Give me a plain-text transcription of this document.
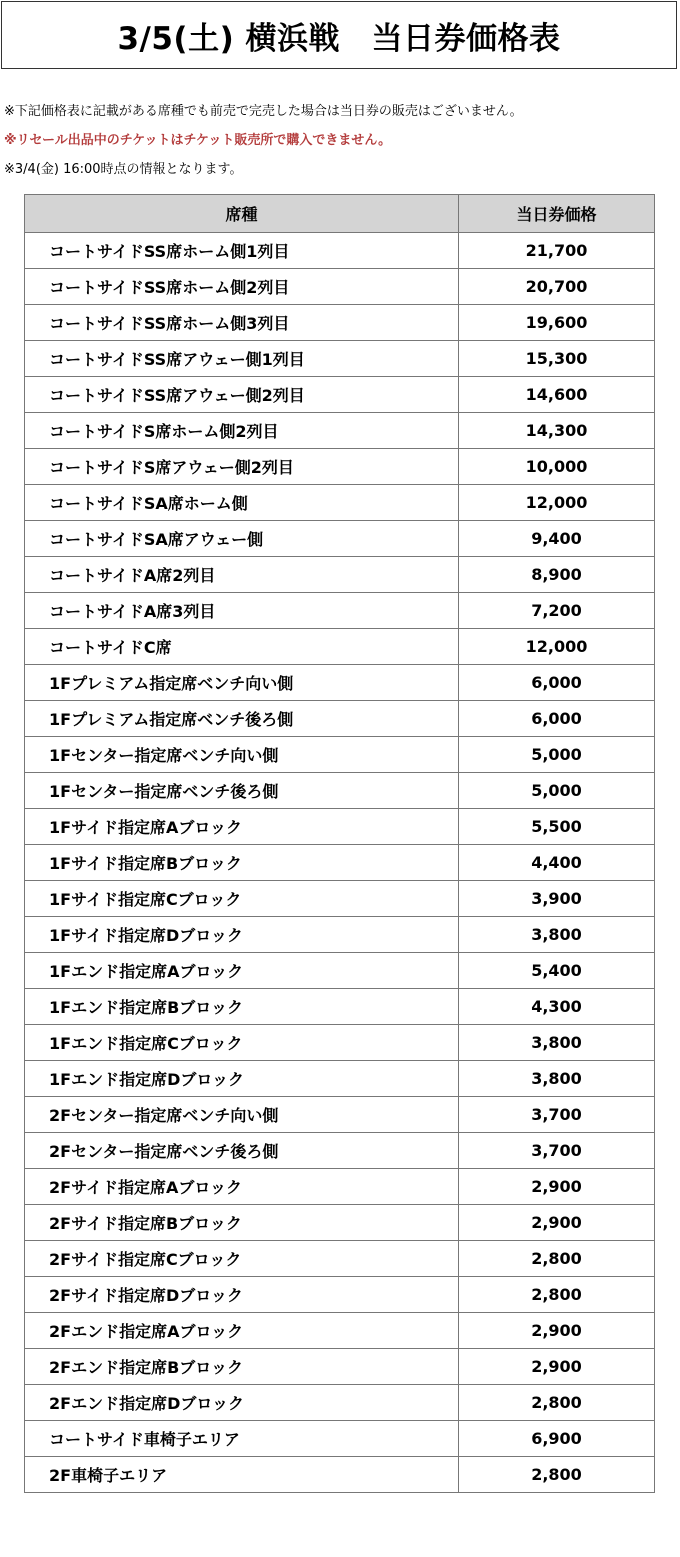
3/5(土) 横浜戦　当日券価格表
※下記価格表に記載がある席種でも前売で完売した場合は当日券の販売はございません。
※リセール出品中のチケットはチケット販売所で購入できません。
※3/4(金) 16:00時点の情報となります。
席種	当日券価格
コートサイドSS席ホーム側1列目	21,700
コートサイドSS席ホーム側2列目	20,700
コートサイドSS席ホーム側3列目	19,600
コートサイドSS席アウェー側1列目	15,300
コートサイドSS席アウェー側2列目	14,600
コートサイドS席ホーム側2列目	14,300
コートサイドS席アウェー側2列目	10,000
コートサイドSA席ホーム側	12,000
コートサイドSA席アウェー側	9,400
コートサイドA席2列目	8,900
コートサイドA席3列目	7,200
コートサイドC席	12,000
1Fプレミアム指定席ベンチ向い側	6,000
1Fプレミアム指定席ベンチ後ろ側	6,000
1Fセンター指定席ベンチ向い側	5,000
1Fセンター指定席ベンチ後ろ側	5,000
1Fサイド指定席Aブロック	5,500
1Fサイド指定席Bブロック	4,400
1Fサイド指定席Cブロック	3,900
1Fサイド指定席Dブロック	3,800
1Fエンド指定席Aブロック	5,400
1Fエンド指定席Bブロック	4,300
1Fエンド指定席Cブロック	3,800
1Fエンド指定席Dブロック	3,800
2Fセンター指定席ベンチ向い側	3,700
2Fセンター指定席ベンチ後ろ側	3,700
2Fサイド指定席Aブロック	2,900
2Fサイド指定席Bブロック	2,900
2Fサイド指定席Cブロック	2,800
2Fサイド指定席Dブロック	2,800
2Fエンド指定席Aブロック	2,900
2Fエンド指定席Bブロック	2,900
2Fエンド指定席Dブロック	2,800
コートサイド車椅子エリア	6,900
2F車椅子エリア	2,800
